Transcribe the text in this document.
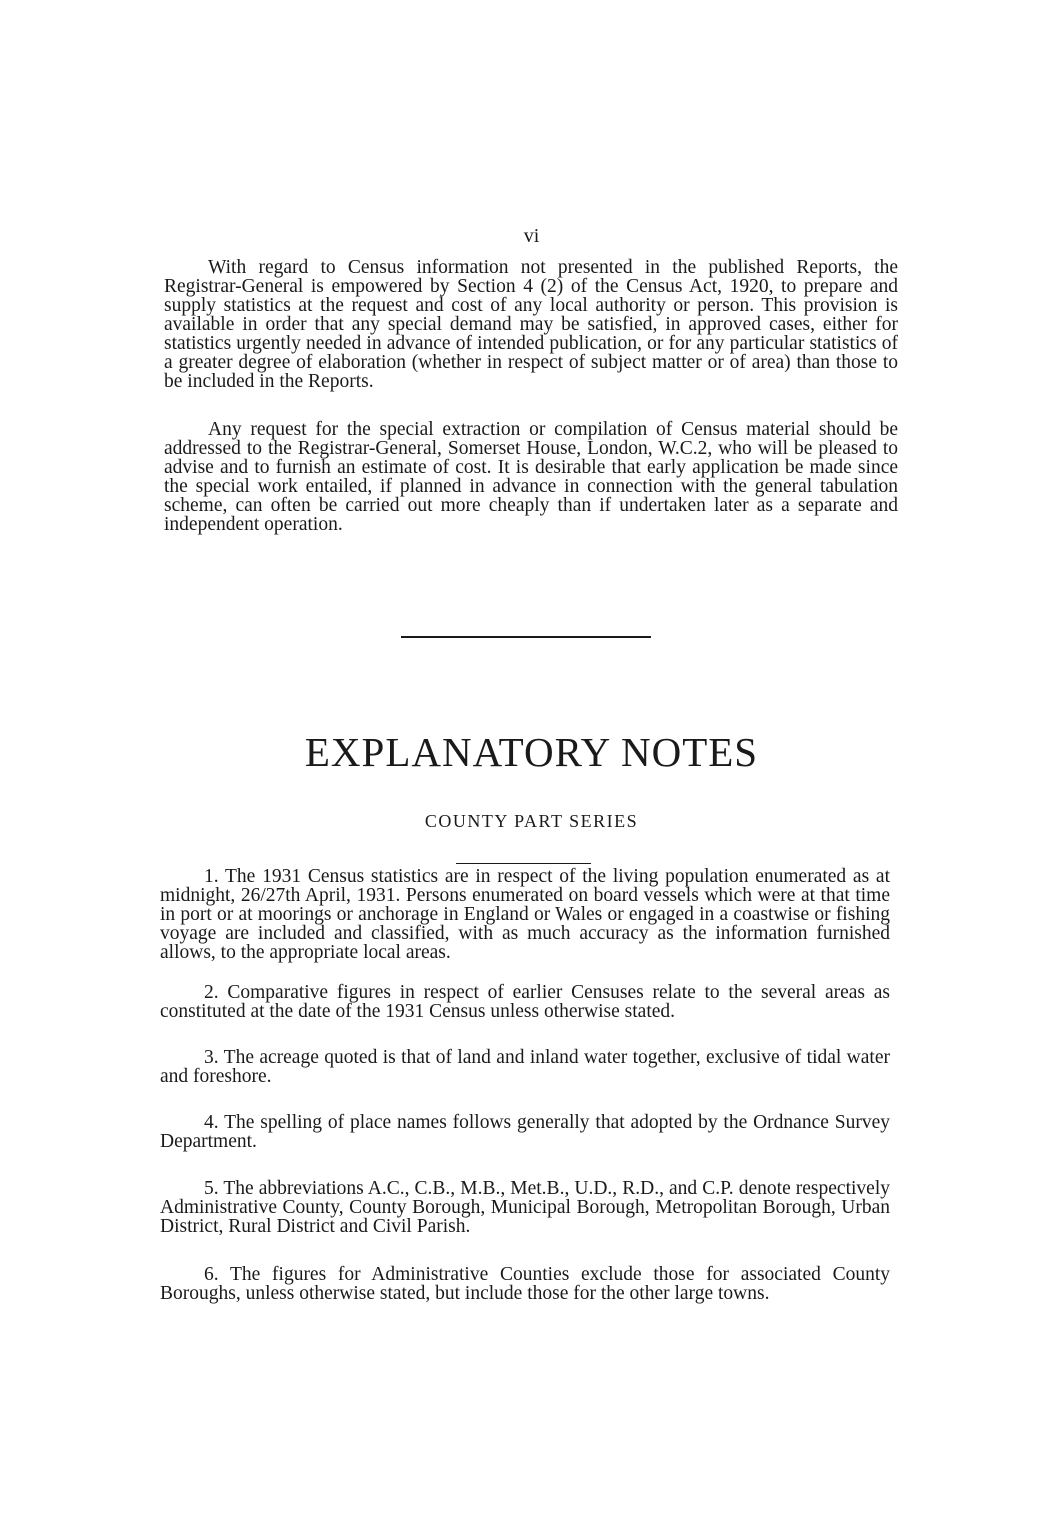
vi

With regard to Census information not presented in the published Reports, the Registrar-General is empowered by Section 4 (2) of the Census Act, 1920, to prepare and supply statistics at the request and cost of any local authority or person. This provision is available in order that any special demand may be satisfied, in approved cases, either for statistics urgently needed in advance of intended publication, or for any particular statistics of a greater degree of elaboration (whether in respect of subject matter or of area) than those to be included in the Reports.

Any request for the special extraction or compilation of Census material should be addressed to the Registrar-General, Somerset House, London, W.C.2, who will be pleased to advise and to furnish an estimate of cost. It is desirable that early application be made since the special work entailed, if planned in advance in connection with the general tabulation scheme, can often be carried out more cheaply than if undertaken later as a separate and independent operation.

EXPLANATORY NOTES
COUNTY PART SERIES

1. The 1931 Census statistics are in respect of the living population enumerated as at midnight, 26/27th April, 1931. Persons enumerated on board vessels which were at that time in port or at moorings or anchorage in England or Wales or engaged in a coastwise or fishing voyage are included and classified, with as much accuracy as the information furnished allows, to the appropriate local areas.

2. Comparative figures in respect of earlier Censuses relate to the several areas as constituted at the date of the 1931 Census unless otherwise stated.

3. The acreage quoted is that of land and inland water together, exclusive of tidal water and foreshore.

4. The spelling of place names follows generally that adopted by the Ordnance Survey Department.

5. The abbreviations A.C., C.B., M.B., Met.B., U.D., R.D., and C.P. denote respectively Administrative County, County Borough, Municipal Borough, Metropolitan Borough, Urban District, Rural District and Civil Parish.

6. The figures for Administrative Counties exclude those for associated County Boroughs, unless otherwise stated, but include those for the other large towns.
